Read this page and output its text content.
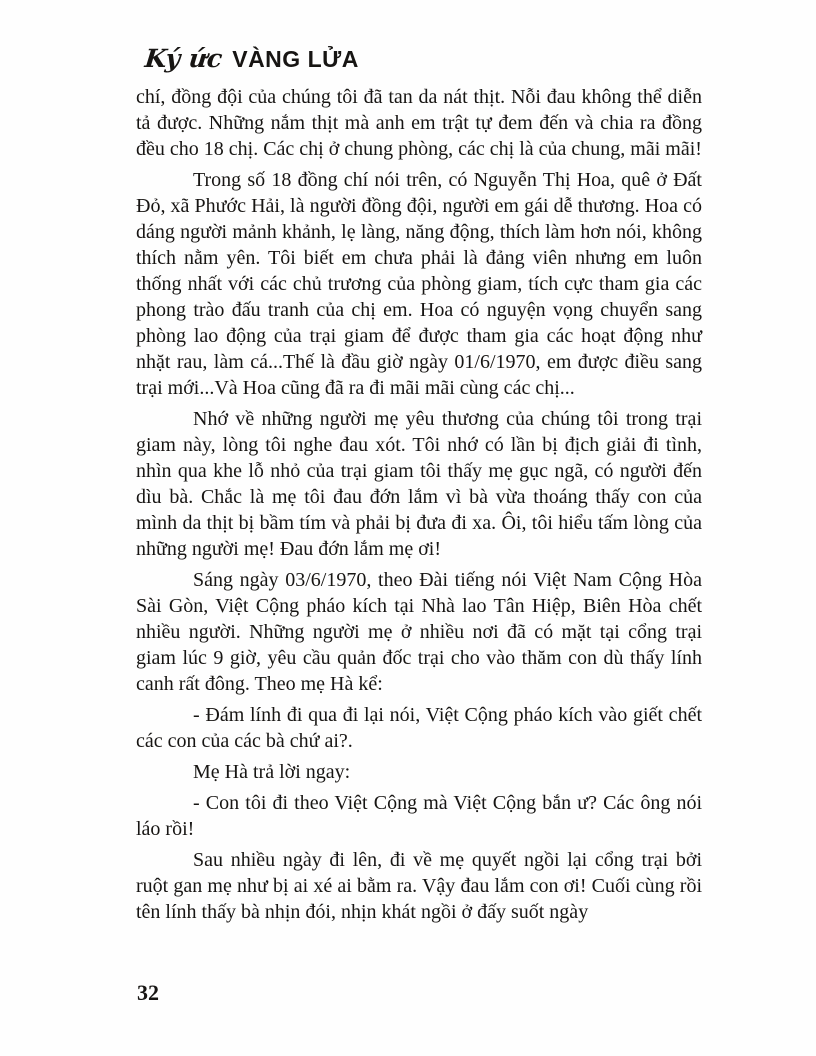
Ký ức VÀNG LỬA

chí, đồng đội của chúng tôi đã tan da nát thịt. Nỗi đau không thể diễn tả được. Những nắm thịt mà anh em trật tự đem đến và chia ra đồng đều cho 18 chị. Các chị ở chung phòng, các chị là của chung, mãi mãi!

Trong số 18 đồng chí nói trên, có Nguyễn Thị Hoa, quê ở Đất Đỏ, xã Phước Hải, là người đồng đội, người em gái dễ thương. Hoa có dáng người mảnh khảnh, lẹ làng, năng động, thích làm hơn nói, không thích nằm yên. Tôi biết em chưa phải là đảng viên nhưng em luôn thống nhất với các chủ trương của phòng giam, tích cực tham gia các phong trào đấu tranh của chị em. Hoa có nguyện vọng chuyển sang phòng lao động của trại giam để được tham gia các hoạt động như nhặt rau, làm cá...Thế là đầu giờ ngày 01/6/1970, em được điều sang trại mới...Và Hoa cũng đã ra đi mãi mãi cùng các chị...

Nhớ về những người mẹ yêu thương của chúng tôi trong trại giam này, lòng tôi nghe đau xót. Tôi nhớ có lần bị địch giải đi tình, nhìn qua khe lỗ nhỏ của trại giam tôi thấy mẹ gục ngã, có người đến dìu bà. Chắc là mẹ tôi đau đớn lắm vì bà vừa thoáng thấy con của mình da thịt bị bầm tím và phải bị đưa đi xa. Ôi, tôi hiểu tấm lòng của những người mẹ! Đau đớn lắm mẹ ơi!

Sáng ngày 03/6/1970, theo Đài tiếng nói Việt Nam Cộng Hòa Sài Gòn, Việt Cộng pháo kích tại Nhà lao Tân Hiệp, Biên Hòa chết nhiều người. Những người mẹ ở nhiều nơi đã có mặt tại cổng trại giam lúc 9 giờ, yêu cầu quản đốc trại cho vào thăm con dù thấy lính canh rất đông. Theo mẹ Hà kể:

- Đám lính đi qua đi lại nói, Việt Cộng pháo kích vào giết chết các con của các bà chứ ai?.

Mẹ Hà trả lời ngay:

- Con tôi đi theo Việt Cộng mà Việt Cộng bắn ư? Các ông nói láo rồi!

Sau nhiều ngày đi lên, đi về mẹ quyết ngồi lại cổng trại bởi ruột gan mẹ như bị ai xé ai bằm ra. Vậy đau lắm con ơi! Cuối cùng rồi tên lính thấy bà nhịn đói, nhịn khát ngồi ở đấy suốt ngày

32
